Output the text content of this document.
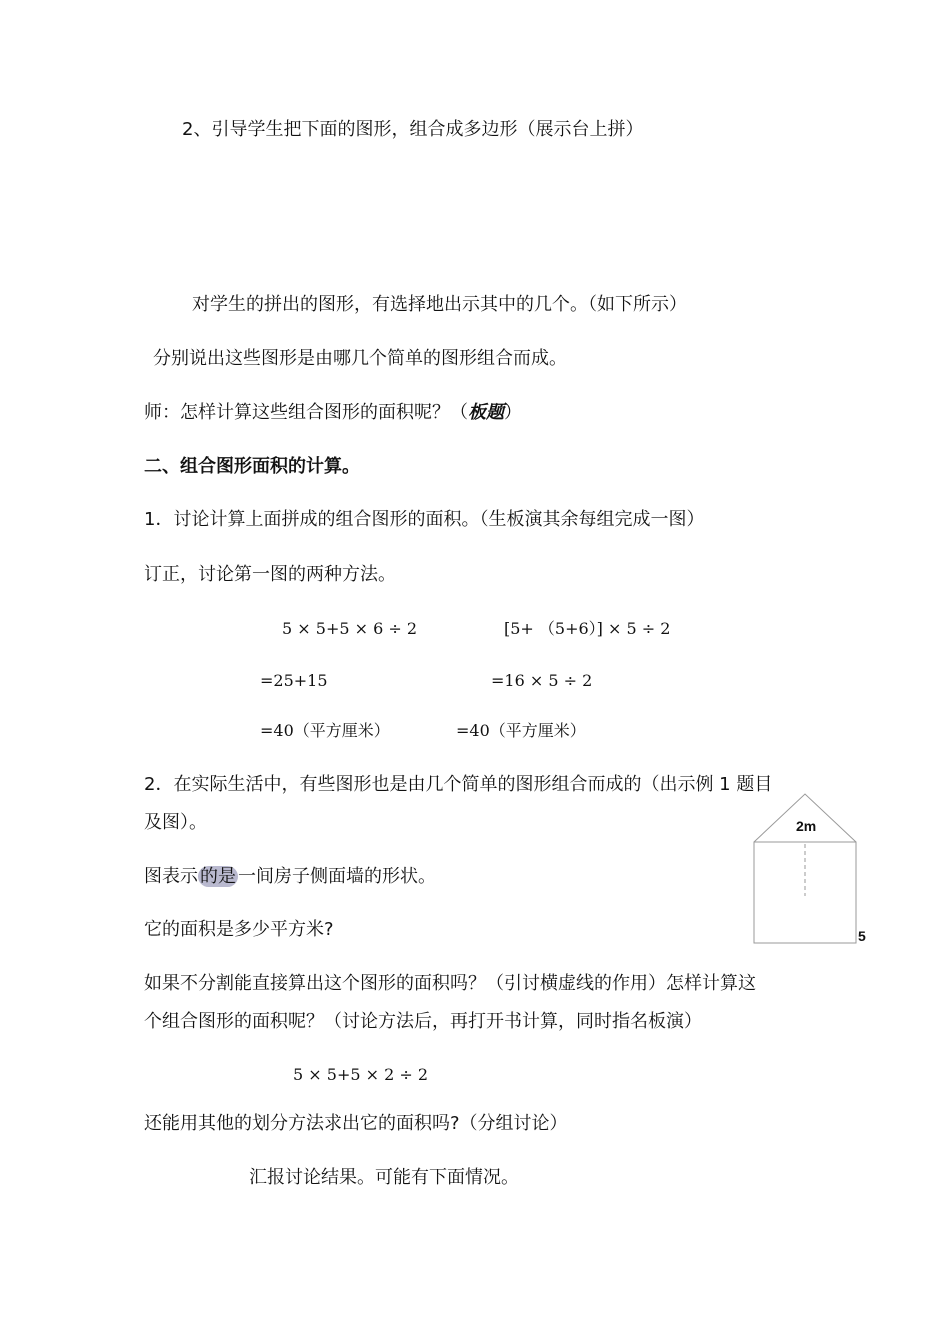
2、引导学生把下面的图形，组合成多边形（展示台上拼）
对学生的拼出的图形，有选择地出示其中的几个。（如下所示）
分别说出这些图形是由哪几个简单的图形组合而成。
师：怎样计算这些组合图形的面积呢？（板题）
二、组合图形面积的计算。
1．讨论计算上面拼成的组合图形的面积。（生板演其余每组完成一图）
订正，讨论第一图的两种方法。
5 × 5+5 × 6 ÷ 2	[5+ （5+6）] × 5 ÷ 2
=25+15	=16 × 5 ÷ 2
=40（平方厘米）	=40（平方厘米）
2．在实际生活中，有些图形也是由几个简单的图形组合而成的（出示例 1 题目
及图）。
图表示 的是 一间房子侧面墙的形状。
它的面积是多少平方米?
如果不分割能直接算出这个图形的面积吗？（引讨横虚线的作用）怎样计算这
个组合图形的面积呢？（讨论方法后，再打开书计算，同时指名板演）
5 × 5+5 × 2 ÷ 2
还能用其他的划分方法求出它的面积吗?（分组讨论）
汇报讨论结果。可能有下面情况。
2m
5
